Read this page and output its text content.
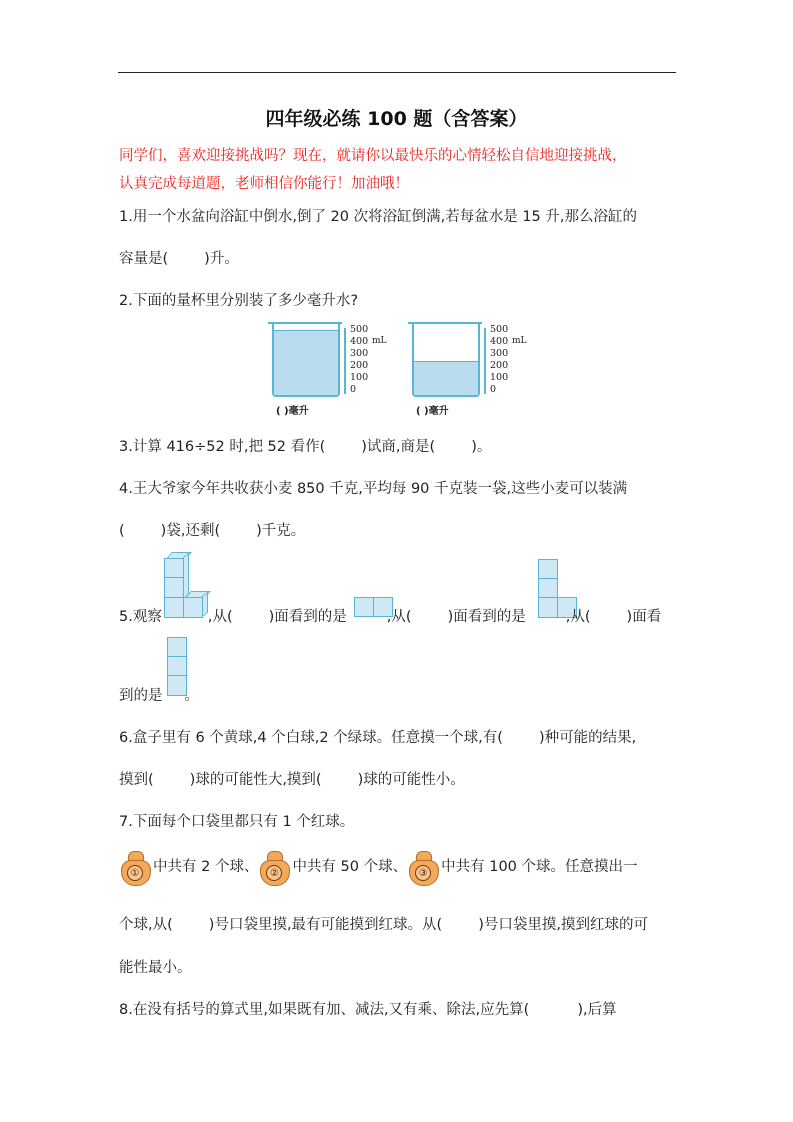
四年级必练 100 题（含答案）
同学们，喜欢迎接挑战吗？现在，就请你以最快乐的心情轻松自信地迎接挑战，
认真完成每道题，老师相信你能行！加油哦！
1.用一个水盆向浴缸中倒水,倒了 20 次将浴缸倒满,若每盆水是 15 升,那么浴缸的
容量是( )升。
2.下面的量杯里分别装了多少毫升水?
500
400
300
200
100
0
mL
( )毫升
500
400
300
200
100
0
mL
( )毫升
3.计算 416÷52 时,把 52 看作( )试商,商是( )。
4.王大爷家今年共收获小麦 850 千克,平均每 90 千克装一袋,这些小麦可以装满
( )袋,还剩( )千克。
5.观察	,从( )面看到的是	,从( )面看到的是	,从( )面看
到的是 。
6.盒子里有 6 个黄球,4 个白球,2 个绿球。任意摸一个球,有( )种可能的结果,
摸到( )球的可能性大,摸到( )球的可能性小。
7.下面每个口袋里都只有 1 个红球。
① 中共有 2 个球、	② 中共有 50 个球、	③ 中共有 100 个球。任意摸出一
个球,从( )号口袋里摸,最有可能摸到红球。从( )号口袋里摸,摸到红球的可
能性最小。
8.在没有括号的算式里,如果既有加、减法,又有乘、除法,应先算(	),后算
